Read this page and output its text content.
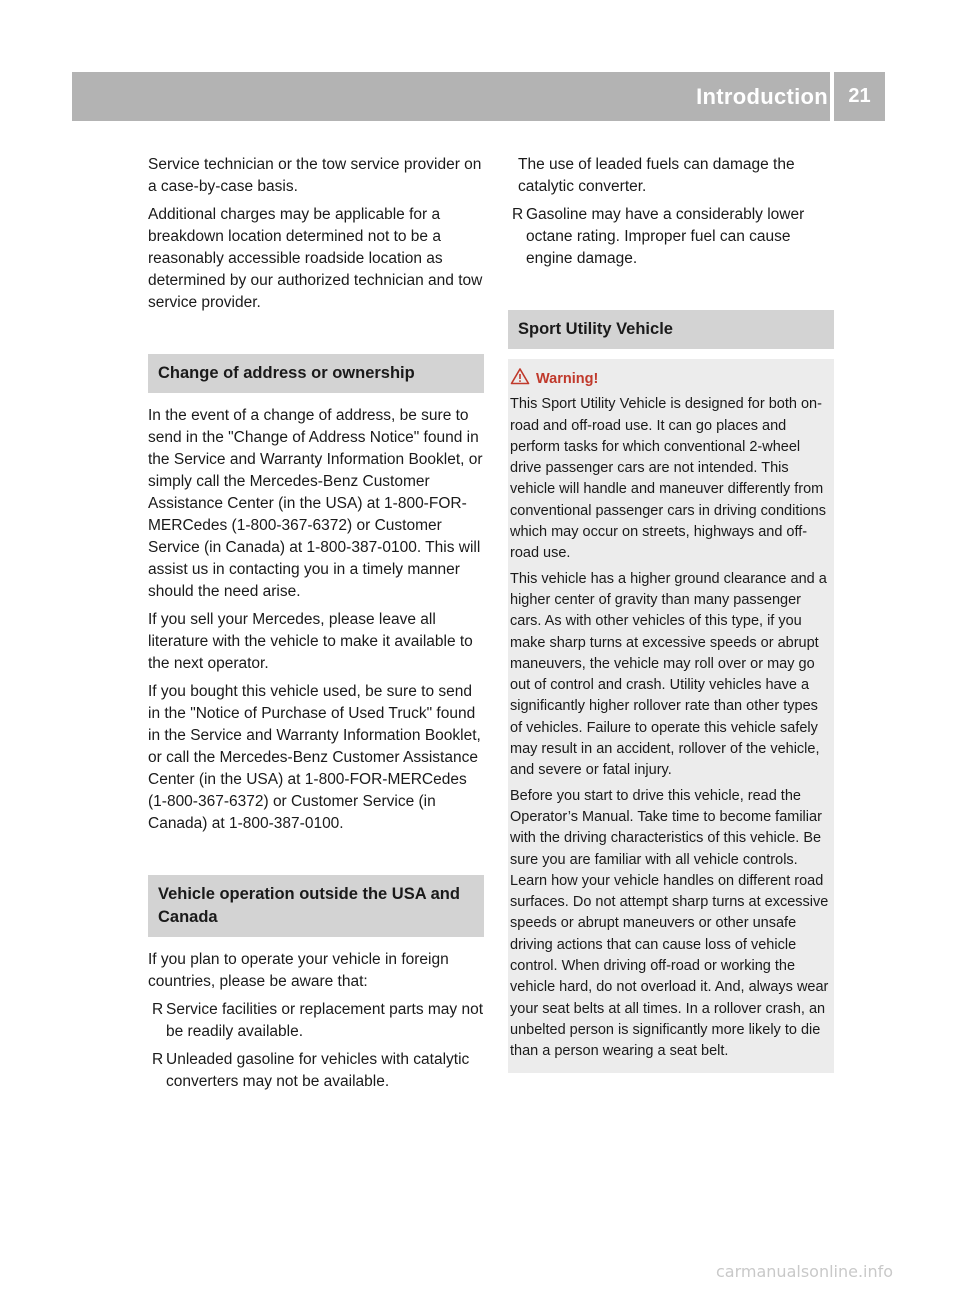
Introduction	21

Service technician or the tow service provider on a case-by-case basis.

Additional charges may be applicable for a breakdown location determined not to be a reasonably accessible roadside location as determined by our authorized technician and tow service provider.

Change of address or ownership

In the event of a change of address, be sure to send in the "Change of Address Notice" found in the Service and Warranty Information Booklet, or simply call the Mercedes-Benz Customer Assistance Center (in the USA) at 1-800-FOR-MERCedes (1-800-367-6372) or Customer Service (in Canada) at 1-800-387-0100. This will assist us in contacting you in a timely manner should the need arise.

If you sell your Mercedes, please leave all literature with the vehicle to make it available to the next operator.

If you bought this vehicle used, be sure to send in the "Notice of Purchase of Used Truck" found in the Service and Warranty Information Booklet, or call the Mercedes-Benz Customer Assistance Center (in the USA) at 1-800-FOR-MERCedes (1-800-367-6372) or Customer Service (in Canada) at 1-800-387-0100.

Vehicle operation outside the USA and Canada

If you plan to operate your vehicle in foreign countries, please be aware that:

R Service facilities or replacement parts may not be readily available.
R Unleaded gasoline for vehicles with catalytic converters may not be available.

The use of leaded fuels can damage the catalytic converter.

R Gasoline may have a considerably lower octane rating. Improper fuel can cause engine damage.
Sport Utility Vehicle
Warning!

This Sport Utility Vehicle is designed for both on-road and off-road use. It can go places and perform tasks for which conventional 2-wheel drive passenger cars are not intended. This vehicle will handle and maneuver differently from conventional passenger cars in driving conditions which may occur on streets, highways and off-road use.

This vehicle has a higher ground clearance and a higher center of gravity than many passenger cars. As with other vehicles of this type, if you make sharp turns at excessive speeds or abrupt maneuvers, the vehicle may roll over or may go out of control and crash. Utility vehicles have a significantly higher rollover rate than other types of vehicles. Failure to operate this vehicle safely may result in an accident, rollover of the vehicle, and severe or fatal injury.

Before you start to drive this vehicle, read the Operator’s Manual. Take time to become familiar with the driving characteristics of this vehicle. Be sure you are familiar with all vehicle controls. Learn how your vehicle handles on different road surfaces. Do not attempt sharp turns at excessive speeds or abrupt maneuvers or other unsafe driving actions that can cause loss of vehicle control. When driving off-road or working the vehicle hard, do not overload it. And, always wear your seat belts at all times. In a rollover crash, an unbelted person is significantly more likely to die than a person wearing a seat belt.

carmanualsonline.info
